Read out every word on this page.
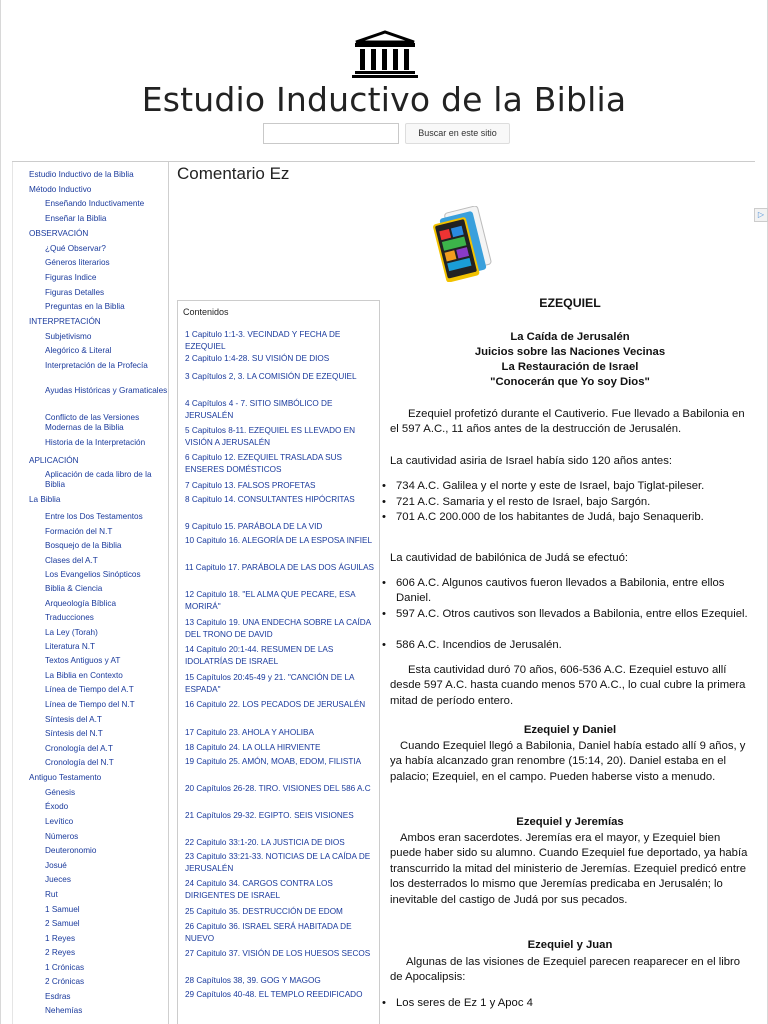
Estudio Inductivo de la Biblia
Buscar en este sitio
Estudio Inductivo de la Biblia
Método Inductivo
Enseñando Inductivamente
Enseñar la Biblia
OBSERVACIÓN
¿Qué Observar?
Géneros literarios
Figuras Indice
Figuras Detalles
Preguntas en la Biblia
INTERPRETACIÓN
Subjetivismo
Alegórico & Literal
Interpretación de la Profecía
Ayudas Históricas y Gramaticales
Conflicto de las Versiones Modernas de la Biblia
Historia de la Interpretación
APLICACIÓN
Aplicación de cada libro de la Biblia
La Biblia
Entre los Dos Testamentos
Formación del N.T
Bosquejo de la Biblia
Clases del A.T
Los Evangelios Sinópticos
Biblia & Ciencia
Arqueología Bíblica
Traducciones
La Ley (Torah)
Literatura N.T
Textos Antiguos y AT
La Biblia en Contexto
Línea de Tiempo del A.T
Línea de Tiempo del N.T
Síntesis del A.T
Síntesis del N.T
Cronología del A.T
Cronología del N.T
Antiguo Testamento
Génesis
Éxodo
Levítico
Números
Deuteronomio
Josué
Jueces
Rut
1 Samuel
2 Samuel
1 Reyes
2 Reyes
1 Crónicas
2 Crónicas
Esdras
Nehemías
Comentario Ez
▷
Contenidos
1 Capitulo 1:1-3. VECINDAD Y FECHA DE EZEQUIEL
2 Capitulo 1:4-28. SU VISIÓN DE DIOS
3 Capítulos 2, 3. LA COMISIÓN DE EZEQUIEL
4 Capítulos 4 - 7. SITIO SIMBÓLICO DE JERUSALÉN
5 Capitulos 8-11. EZEQUIEL ES LLEVADO EN VISIÓN A JERUSALÉN
6 Capitulo 12. EZEQUIEL TRASLADA SUS ENSERES DOMÉSTICOS
7 Capitulo 13. FALSOS PROFETAS
8 Capitulo 14. CONSULTANTES HIPÓCRITAS
9 Capitulo 15. PARÁBOLA DE LA VID
10 Capitulo 16. ALEGORÍA DE LA ESPOSA INFIEL
11 Capitulo 17. PARÁBOLA DE LAS DOS ÁGUILAS
12 Capitulo 18. "EL ALMA QUE PECARE, ESA MORIRÁ"
13 Capitulo 19. UNA ENDECHA SOBRE LA CAÍDA DEL TRONO DE DAVID
14 Capitulo 20:1-44. RESUMEN DE LAS IDOLATRÍAS DE ISRAEL
15 Capítulos 20:45-49 y 21. "CANCIÓN DE LA ESPADA"
16 Capitulo 22. LOS PECADOS DE JERUSALÉN
17 Capitulo 23. AHOLA Y AHOLIBA
18 Capitulo 24. LA OLLA HIRVIENTE
19 Capitulo 25. AMÓN, MOAB, EDOM, FILISTIA
20 Capítulos 26-28. TIRO. VISIONES DEL 586 A.C
21 Capítulos 29-32. EGIPTO. SEIS VISIONES
22 Capitulo 33:1-20. LA JUSTICIA DE DIOS
23 Capitulo 33:21-33. NOTICIAS DE LA CAÍDA DE JERUSALÉN
24 Capitulo 34. CARGOS CONTRA LOS DIRIGENTES DE ISRAEL
25 Capitulo 35. DESTRUCCIÓN DE EDOM
26 Capitulo 36. ISRAEL SERÁ HABITADA DE NUEVO
27 Capitulo 37. VISIÓN DE LOS HUESOS SECOS
28 Capítulos 38, 39. GOG Y MAGOG
29 Capítulos 40-48. EL TEMPLO REEDIFICADO
EZEQUIEL
La Caída de Jerusalén
Juicios sobre las Naciones Vecinas
La Restauración de Israel
"Conocerán que Yo soy Dios"
Ezequiel profetizó durante el Cautiverio. Fue llevado a Babilonia en el 597 A.C., 11 años antes de la destrucción de Jerusalén.
La cautividad asiria de Israel había sido 120 años antes:
• 734 A.C. Galilea y el norte y este de Israel, bajo Tiglat-pileser.
• 721 A.C. Samaria y el resto de Israel, bajo Sargón.
• 701 A.C 200.000 de los habitantes de Judá, bajo Senaquerib.
La cautividad de babilónica de Judá se efectuó:
• 606 A.C. Algunos cautivos fueron llevados a Babilonia, entre ellos Daniel.
• 597 A.C. Otros cautivos son llevados a Babilonia, entre ellos Ezequiel.
• 586 A.C. Incendios de Jerusalén.
Esta cautividad duró 70 años, 606-536 A.C. Ezequiel estuvo allí desde 597 A.C. hasta cuando menos 570 A.C., lo cual cubre la primera mitad de período entero.
Ezequiel y Daniel
Cuando Ezequiel llegó a Babilonia, Daniel había estado allí 9 años, y ya había alcanzado gran renombre (15:14, 20). Daniel estaba en el palacio; Ezequiel, en el campo. Pueden haberse visto a menudo.
Ezequiel y Jeremías
Ambos eran sacerdotes. Jeremías era el mayor, y Ezequiel bien puede haber sido su alumno. Cuando Ezequiel fue deportado, ya había transcurrido la mitad del ministerio de Jeremías. Ezequiel predicó entre los desterrados lo mismo que Jeremías predicaba en Jerusalén; lo inevitable del castigo de Judá por sus pecados.
Ezequiel y Juan
Algunas de las visiones de Ezequiel parecen reaparecer en el libro de Apocalipsis:
• Los seres de Ez 1 y Apoc 4
